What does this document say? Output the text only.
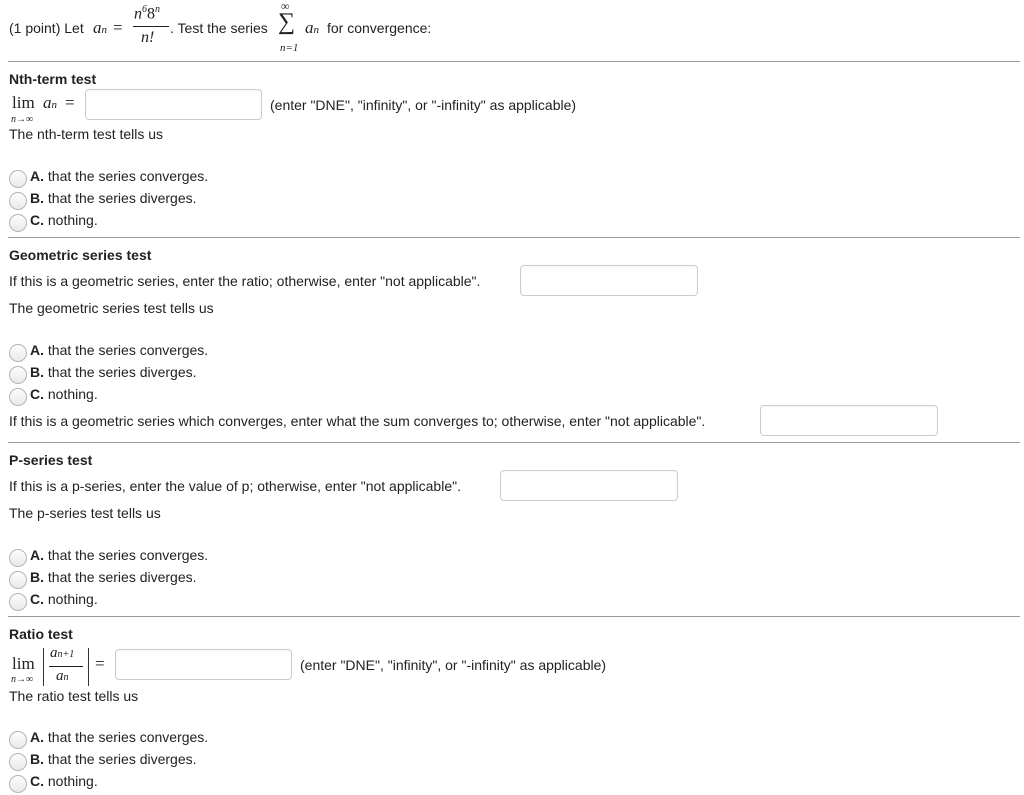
(1 point) Let an =
$n^68^n$
n!
. Test the series
∞
∑
n=1
an for convergence:
Nth-term test
lim
n→∞
an =	(enter "DNE", "infinity", or "-infinity" as applicable)
The nth-term test tells us
A. that the series converges.
B. that the series diverges.
C. nothing.
Geometric series test
If this is a geometric series, enter the ratio; otherwise, enter "not applicable".
The geometric series test tells us
A. that the series converges.
B. that the series diverges.
C. nothing.
If this is a geometric series which converges, enter what the sum converges to; otherwise, enter "not applicable".
P-series test
If this is a p-series, enter the value of p; otherwise, enter "not applicable".
The p-series test tells us
A. that the series converges.
B. that the series diverges.
C. nothing.
Ratio test
lim
n→∞
an+1
an
=	(enter "DNE", "infinity", or "-infinity" as applicable)
The ratio test tells us
A. that the series converges.
B. that the series diverges.
C. nothing.
